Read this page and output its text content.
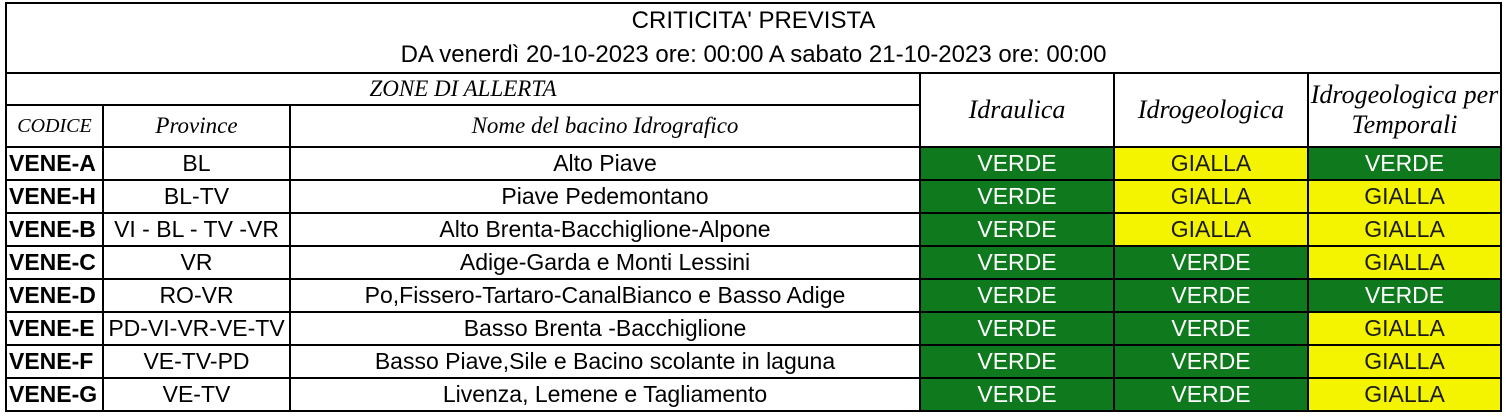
CRITICITA' PREVISTA
DA venerdì 20-10-2023 ore: 00:00 A sabato 21-10-2023 ore: 00:00					

ZONE DI ALLERTA			Idraulica	Idrogeologica	Idrogeologica per Temporali
CODICE	Province	Nome del bacino Idrografico			
VENE-A	BL	Alto Piave	VERDE	GIALLA	VERDE
VENE-H	BL-TV	Piave Pedemontano	VERDE	GIALLA	GIALLA
VENE-B	VI - BL - TV -VR	Alto Brenta-Bacchiglione-Alpone	VERDE	GIALLA	GIALLA
VENE-C	VR	Adige-Garda e Monti Lessini	VERDE	VERDE	GIALLA
VENE-D	RO-VR	Po,Fissero-Tartaro-CanalBianco e Basso Adige	VERDE	VERDE	VERDE
VENE-E	PD-VI-VR-VE-TV	Basso Brenta -Bacchiglione	VERDE	VERDE	GIALLA
VENE-F	VE-TV-PD	Basso Piave,Sile e Bacino scolante in laguna	VERDE	VERDE	GIALLA
VENE-G	VE-TV	Livenza, Lemene e Tagliamento	VERDE	VERDE	GIALLA
